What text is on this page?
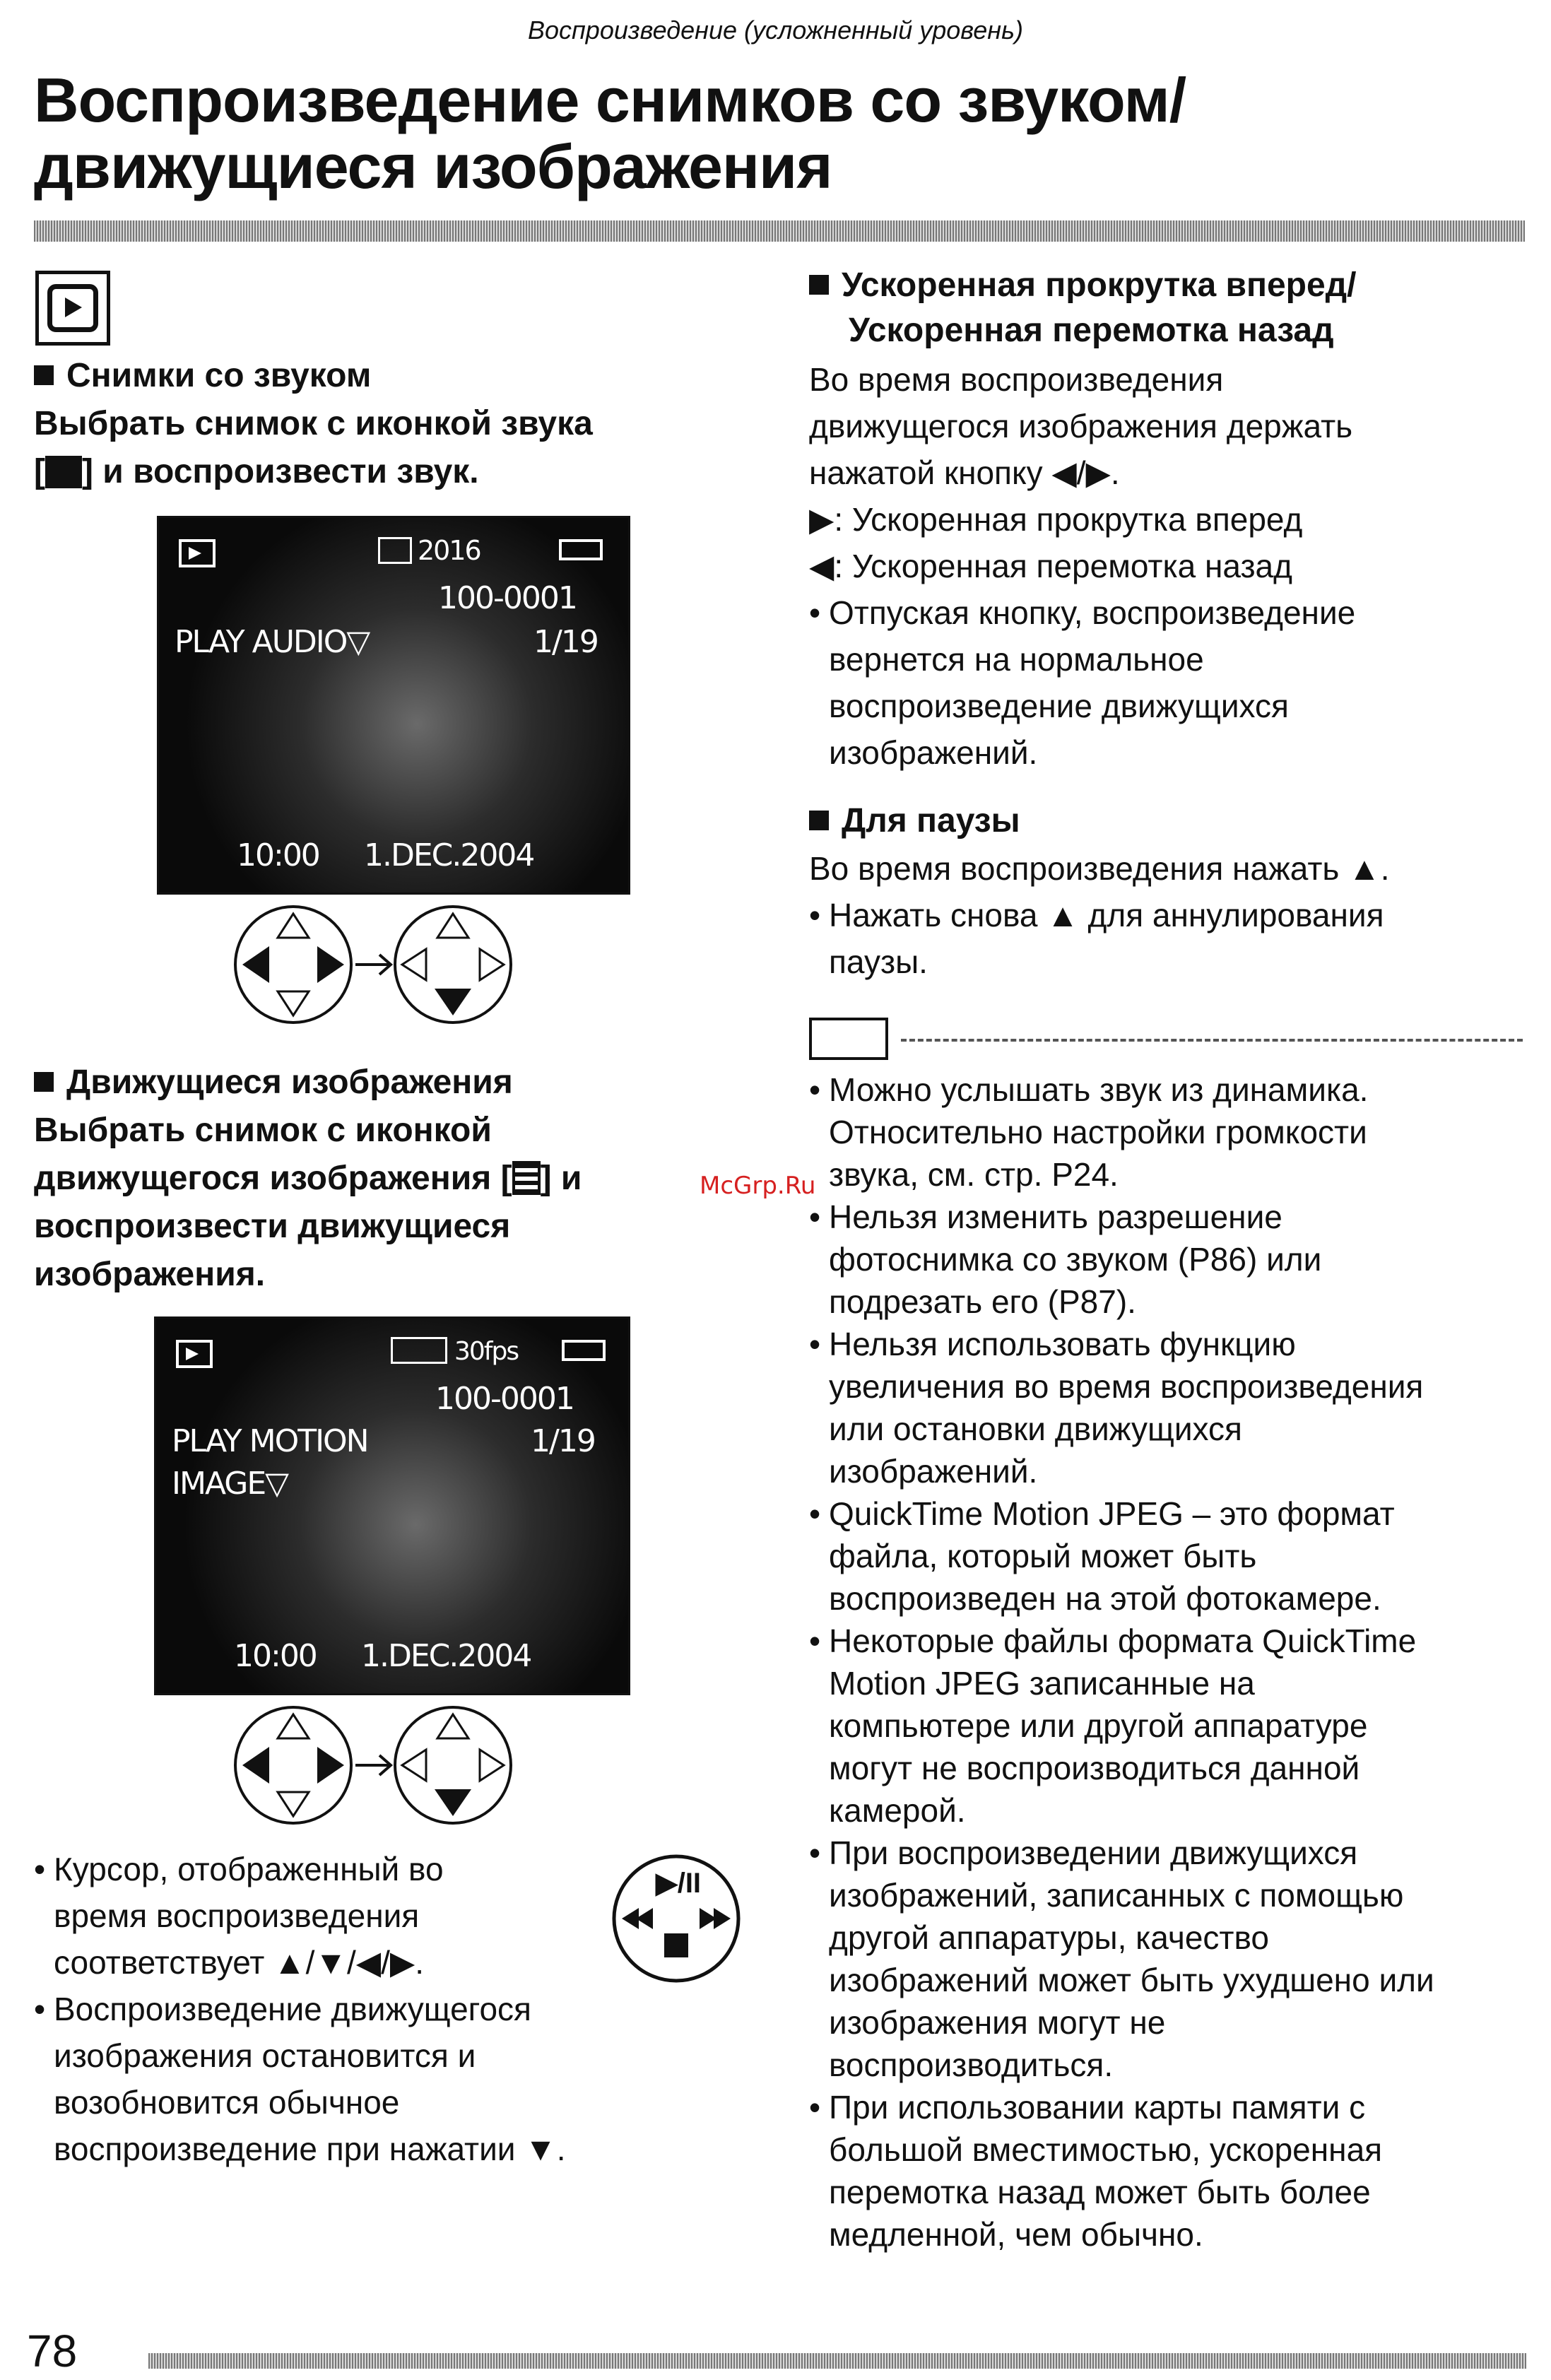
Воспроизведение (усложненный уровень)
Воспроизведение снимков со звуком/
движущиеся изображения
Снимки со звуком
Выбрать снимок с иконкой звука
[ ] и воспроизвести звук.
2016
100-0001
PLAY AUDIO▽	1/19
10:00 1.DEC.2004
Движущиеся изображения
Выбрать снимок с иконкой
движущегося изображения [ ] и
воспроизвести движущиеся
изображения.
30fps
100-0001
PLAY MOTION	1/19
IMAGE▽
10:00 1.DEC.2004
• Курсор, отображенный во
время воспроизведения
соответствует ▲/▼/◀/▶.
• Воспроизведение движущегося
изображения остановится и
возобновится обычное
воспроизведение при нажатии ▼.
▶/II
Ускоренная прокрутка вперед/
Ускоренная перемотка назад
Во время воспроизведения
движущегося изображения держать
нажатой кнопку ◀/▶.
▶: Ускоренная прокрутка вперед
◀: Ускоренная перемотка назад
• Отпуская кнопку, воспроизведение
вернется на нормальное
воспроизведение движущихся
изображений.
Для паузы
Во время воспроизведения нажать ▲.
• Нажать снова ▲ для аннулирования
паузы.
• Можно услышать звук из динамика.
Относительно настройки громкости
звука, см. стр. P24.
• Нельзя изменить разрешение
фотоснимка со звуком (P86) или
подрезать его (P87).
• Нельзя использовать функцию
увеличения во время воспроизведения
или остановки движущихся
изображений.
• QuickTime Motion JPEG – это формат
файла, который может быть
воспроизведен на этой фотокамере.
• Некоторые файлы формата QuickTime
Motion JPEG записанные на
компьютере или другой аппаратуре
могут не воспроизводиться данной
камерой.
• При воспроизведении движущихся
изображений, записанных с помощью
другой аппаратуры, качество
изображений может быть ухудшено или
изображения могут не
воспроизводиться.
• При использовании карты памяти с
большой вместимостью, ускоренная
перемотка назад может быть более
медленной, чем обычно.
McGrp.Ru
78
